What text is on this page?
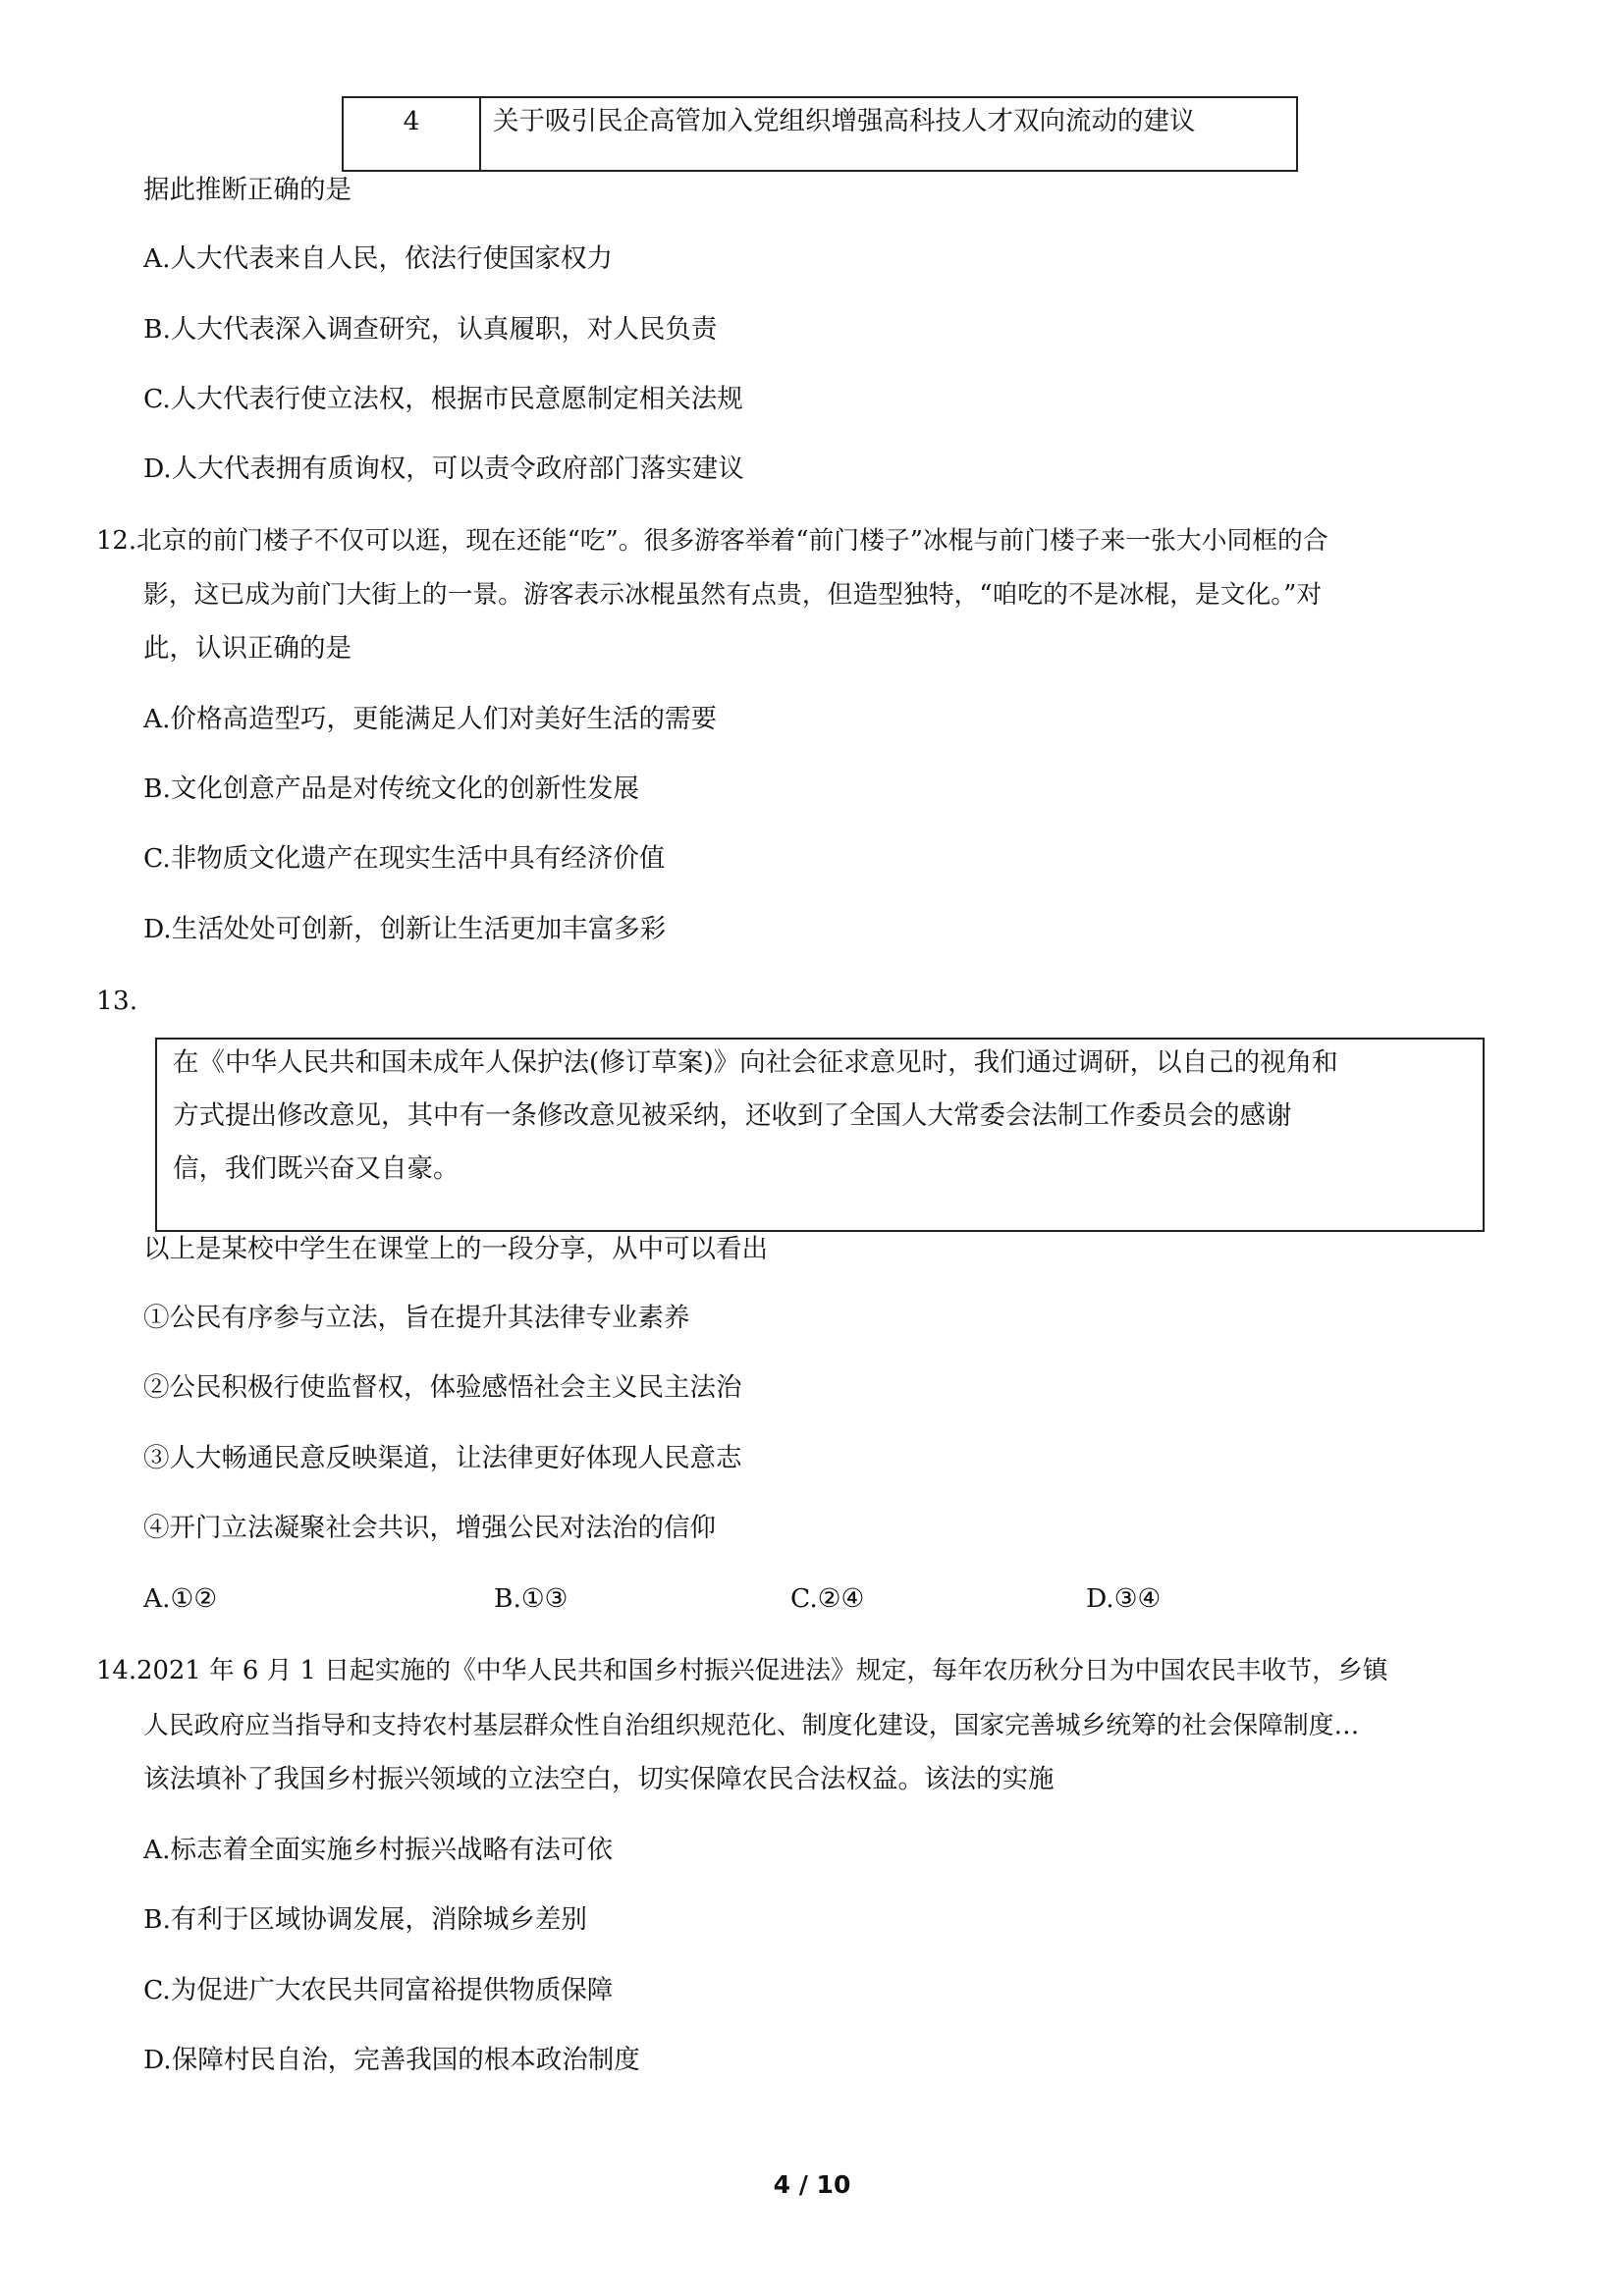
4	关于吸引民企高管加入党组织增强高科技人才双向流动的建议
据此推断正确的是
A.人大代表来自人民，依法行使国家权力
B.人大代表深入调查研究，认真履职，对人民负责
C.人大代表行使立法权，根据市民意愿制定相关法规
D.人大代表拥有质询权，可以责令政府部门落实建议
12.北京的前门楼子不仅可以逛，现在还能“吃”。很多游客举着“前门楼子”冰棍与前门楼子来一张大小同框的合
影，这已成为前门大街上的一景。游客表示冰棍虽然有点贵，但造型独特，“咱吃的不是冰棍，是文化。”对
此，认识正确的是
A.价格高造型巧，更能满足人们对美好生活的需要
B.文化创意产品是对传统文化的创新性发展
C.非物质文化遗产在现实生活中具有经济价值
D.生活处处可创新，创新让生活更加丰富多彩
13.
在《中华人民共和国未成年人保护法(修订草案)》向社会征求意见时，我们通过调研，以自己的视角和
方式提出修改意见，其中有一条修改意见被采纳，还收到了全国人大常委会法制工作委员会的感谢
信，我们既兴奋又自豪。
以上是某校中学生在课堂上的一段分享，从中可以看出
①公民有序参与立法，旨在提升其法律专业素养
②公民积极行使监督权，体验感悟社会主义民主法治
③人大畅通民意反映渠道，让法律更好体现人民意志
④开门立法凝聚社会共识，增强公民对法治的信仰
A.①②	B.①③	C.②④	D.③④
14.2021 年 6 月 1 日起实施的《中华人民共和国乡村振兴促进法》规定，每年农历秋分日为中国农民丰收节，乡镇
人民政府应当指导和支持农村基层群众性自治组织规范化、制度化建设，国家完善城乡统筹的社会保障制度…
该法填补了我国乡村振兴领域的立法空白，切实保障农民合法权益。该法的实施
A.标志着全面实施乡村振兴战略有法可依
B.有利于区域协调发展，消除城乡差别
C.为促进广大农民共同富裕提供物质保障
D.保障村民自治，完善我国的根本政治制度
4 / 10
